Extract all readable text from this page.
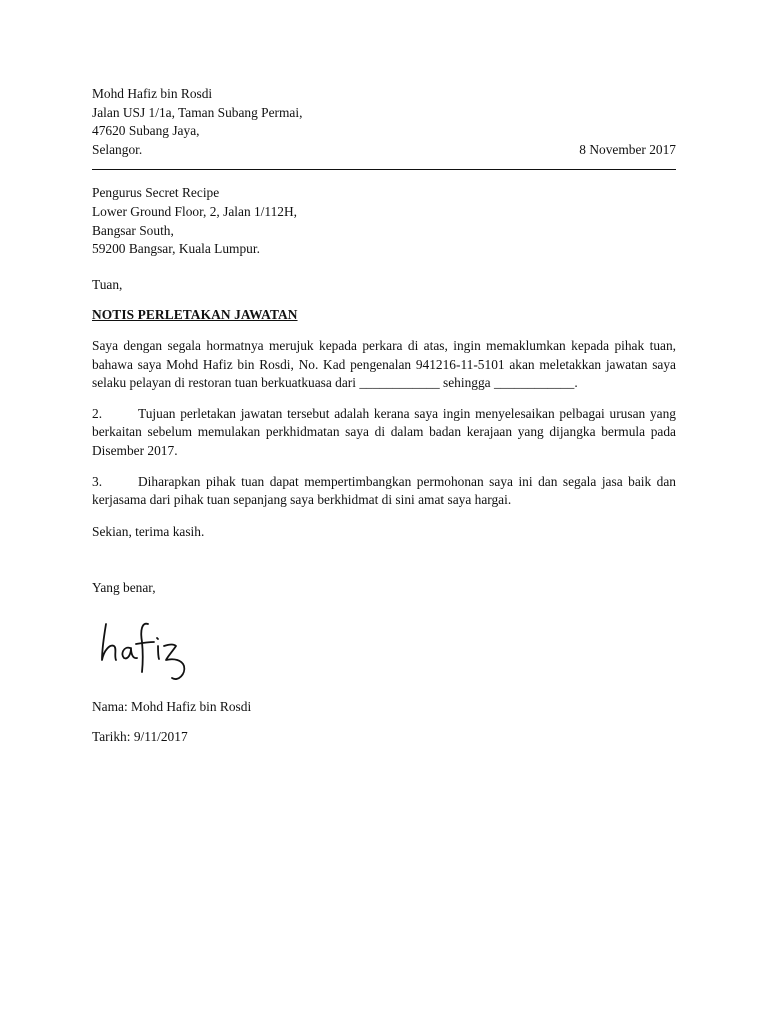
Mohd Hafiz bin Rosdi
Jalan USJ 1/1a, Taman Subang Permai,
47620 Subang Jaya,
Selangor.	8 November 2017
Pengurus Secret Recipe
Lower Ground Floor, 2, Jalan 1/112H,
Bangsar South,
59200 Bangsar, Kuala Lumpur.
Tuan,
NOTIS PERLETAKAN JAWATAN
Saya dengan segala hormatnya merujuk kepada perkara di atas, ingin memaklumkan kepada pihak tuan, bahawa saya Mohd Hafiz bin Rosdi, No. Kad pengenalan 941216-11-5101 akan meletakkan jawatan saya selaku pelayan di restoran tuan berkuatkuasa dari ____________ sehingga ____________.
2.	Tujuan perletakan jawatan tersebut adalah kerana saya ingin menyelesaikan pelbagai urusan yang berkaitan sebelum memulakan perkhidmatan saya di dalam badan kerajaan yang dijangka bermula pada Disember 2017.
3.	Diharapkan pihak tuan dapat mempertimbangkan permohonan saya ini dan segala jasa baik dan kerjasama dari pihak tuan sepanjang saya berkhidmat di sini amat saya hargai.
Sekian, terima kasih.
Yang benar,
Nama: Mohd Hafiz bin Rosdi
Tarikh: 9/11/2017
